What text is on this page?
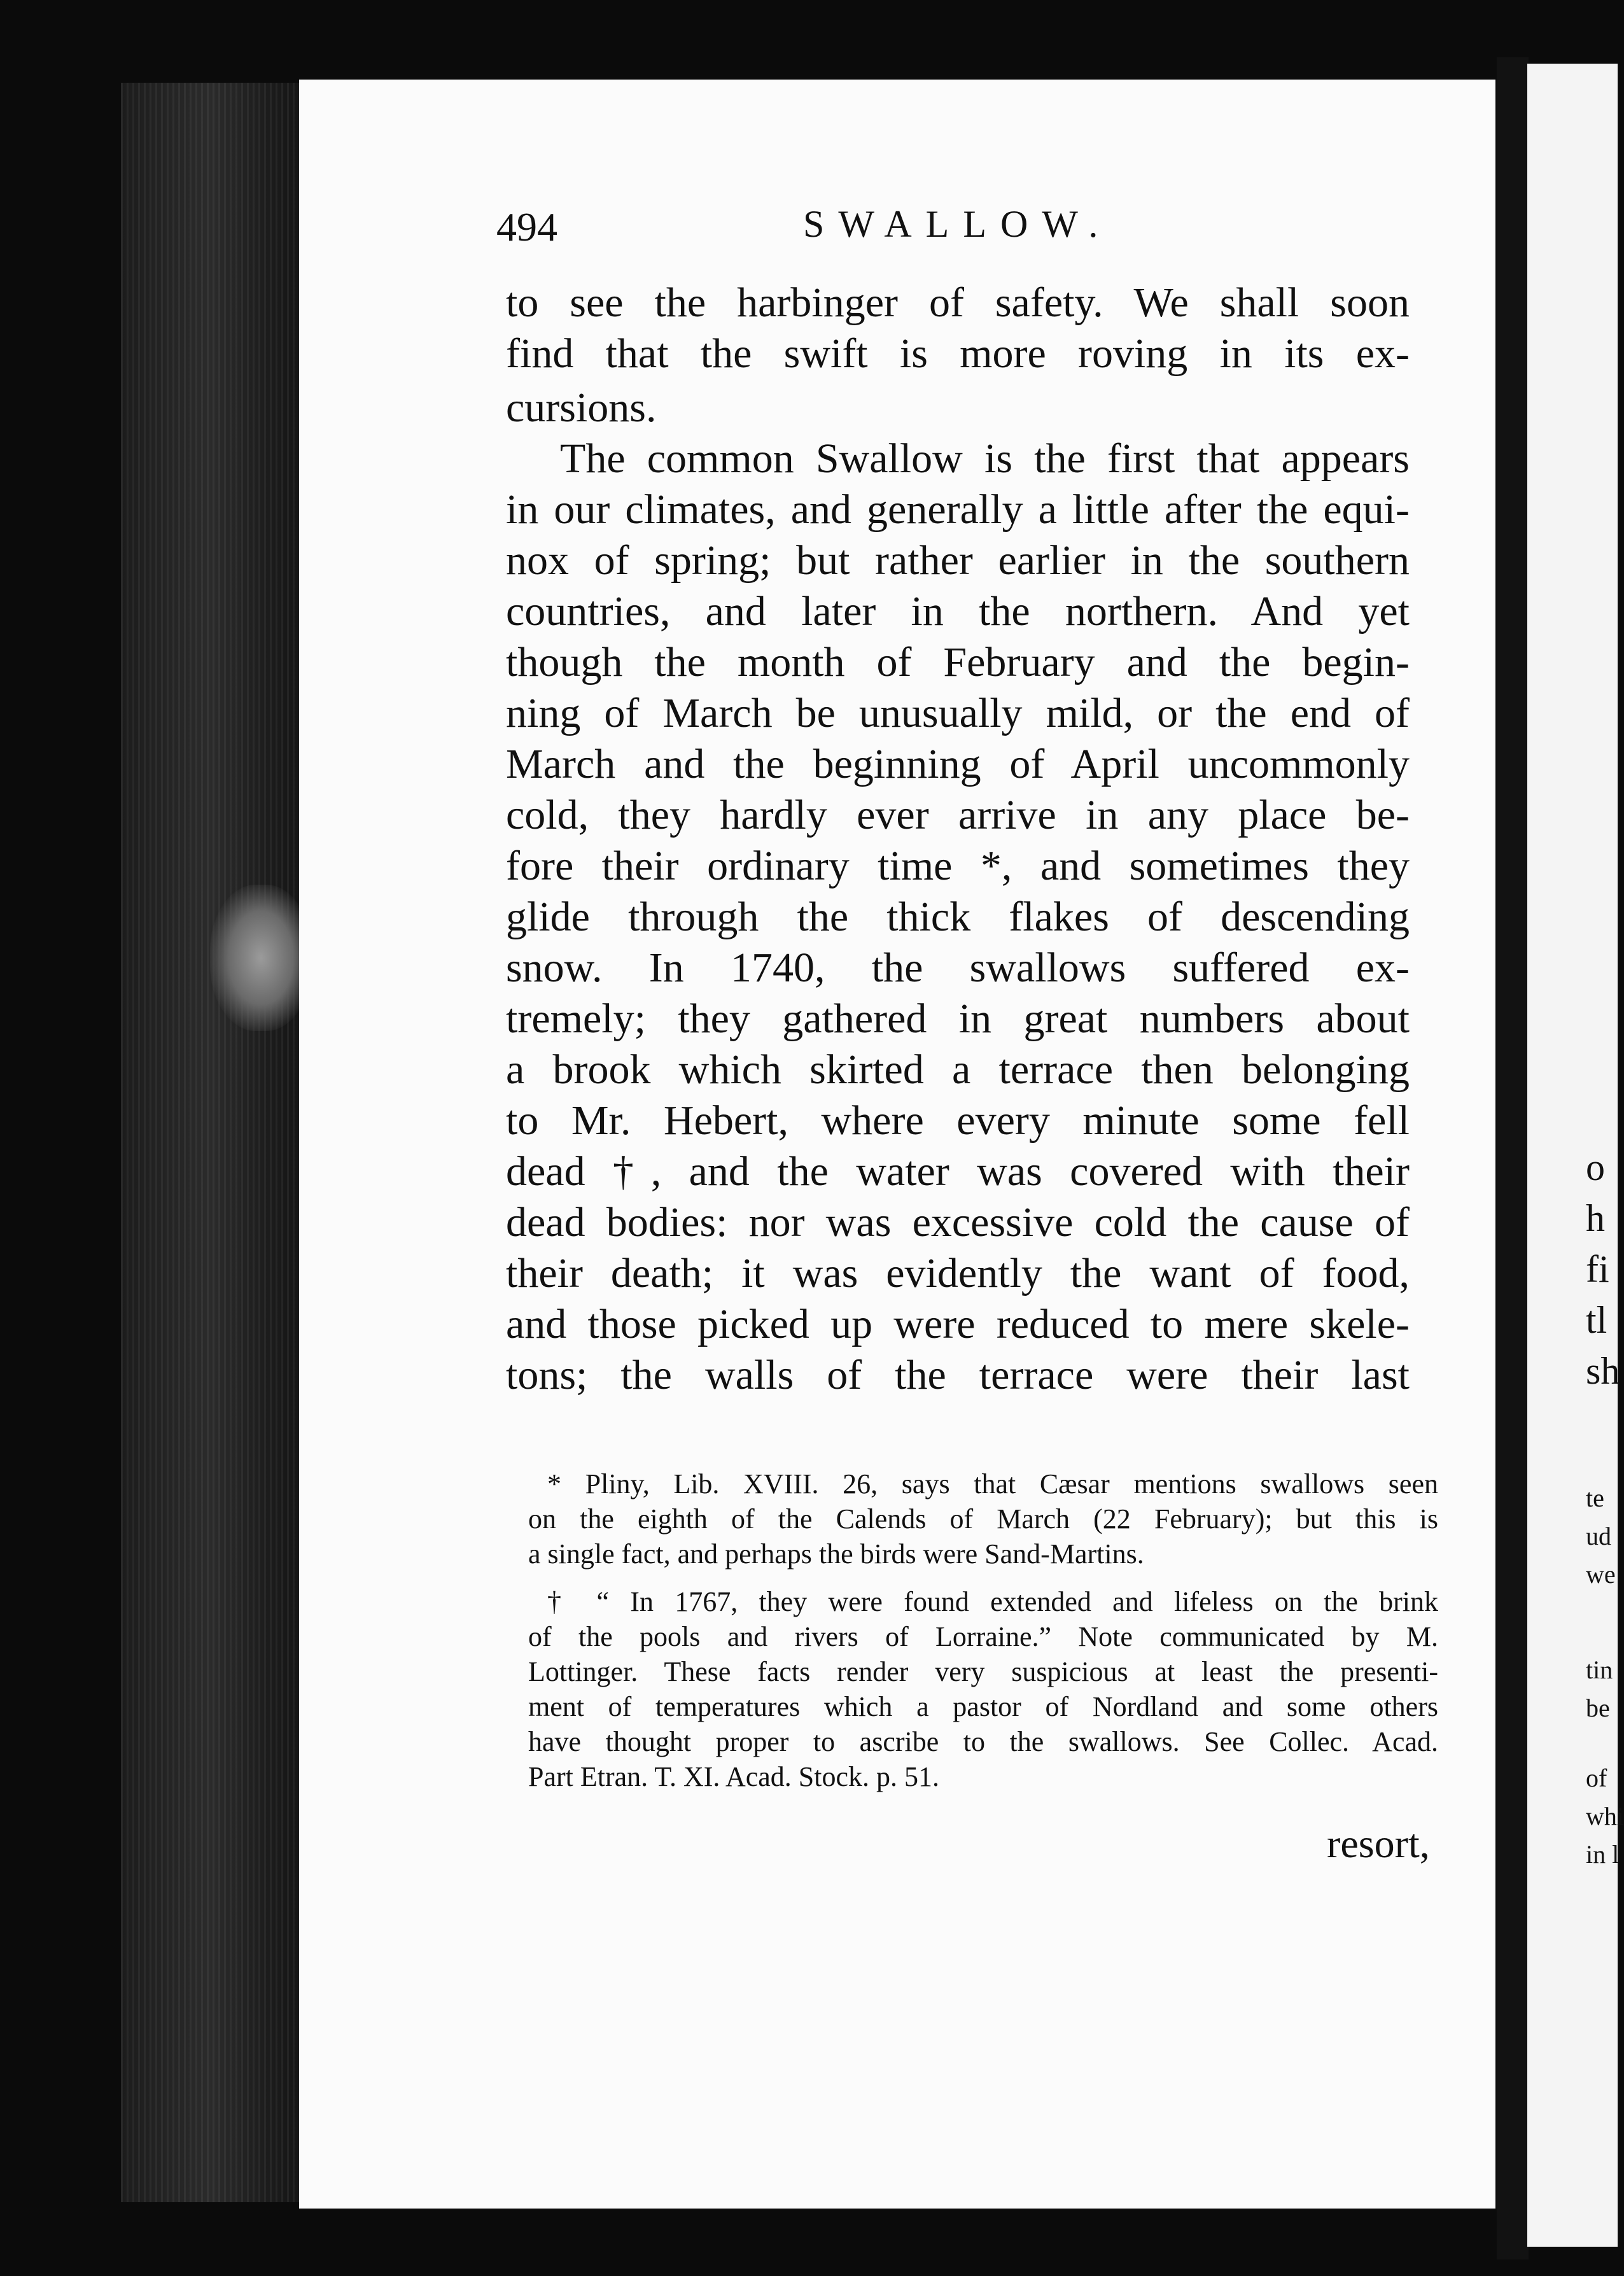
494	SWALLOW.
to see the harbinger of safety. We shall soon
find that the swift is more roving in its ex-
cursions.
The common Swallow is the first that appears
in our climates, and generally a little after the equi-
nox of spring; but rather earlier in the southern
countries, and later in the northern. And yet
though the month of February and the begin-
ning of March be unusually mild, or the end of
March and the beginning of April uncommonly
cold, they hardly ever arrive in any place be-
fore their ordinary time *, and sometimes they
glide through the thick flakes of descending
snow. In 1740, the swallows suffered ex-
tremely; they gathered in great numbers about
a brook which skirted a terrace then belonging
to Mr. Hebert, where every minute some fell
dead †, and the water was covered with their
dead bodies: nor was excessive cold the cause of
their death; it was evidently the want of food,
and those picked up were reduced to mere skele-
tons; the walls of the terrace were their last
* Pliny, Lib. XVIII. 26, says that Cæsar mentions swallows seen
on the eighth of the Calends of March (22 February); but this is
a single fact, and perhaps the birds were Sand-Martins.
† “ In 1767, they were found extended and lifeless on the brink
of the pools and rivers of Lorraine.” Note communicated by M.
Lottinger. These facts render very suspicious at least the presenti-
ment of temperatures which a pastor of Nordland and some others
have thought proper to ascribe to the swallows. See Collec. Acad.
Part Etran. T. XI. Acad. Stock. p. 51.
resort,
o
h
fi
tl
sh
te
ud
we
tin
be
of
whi
in l
